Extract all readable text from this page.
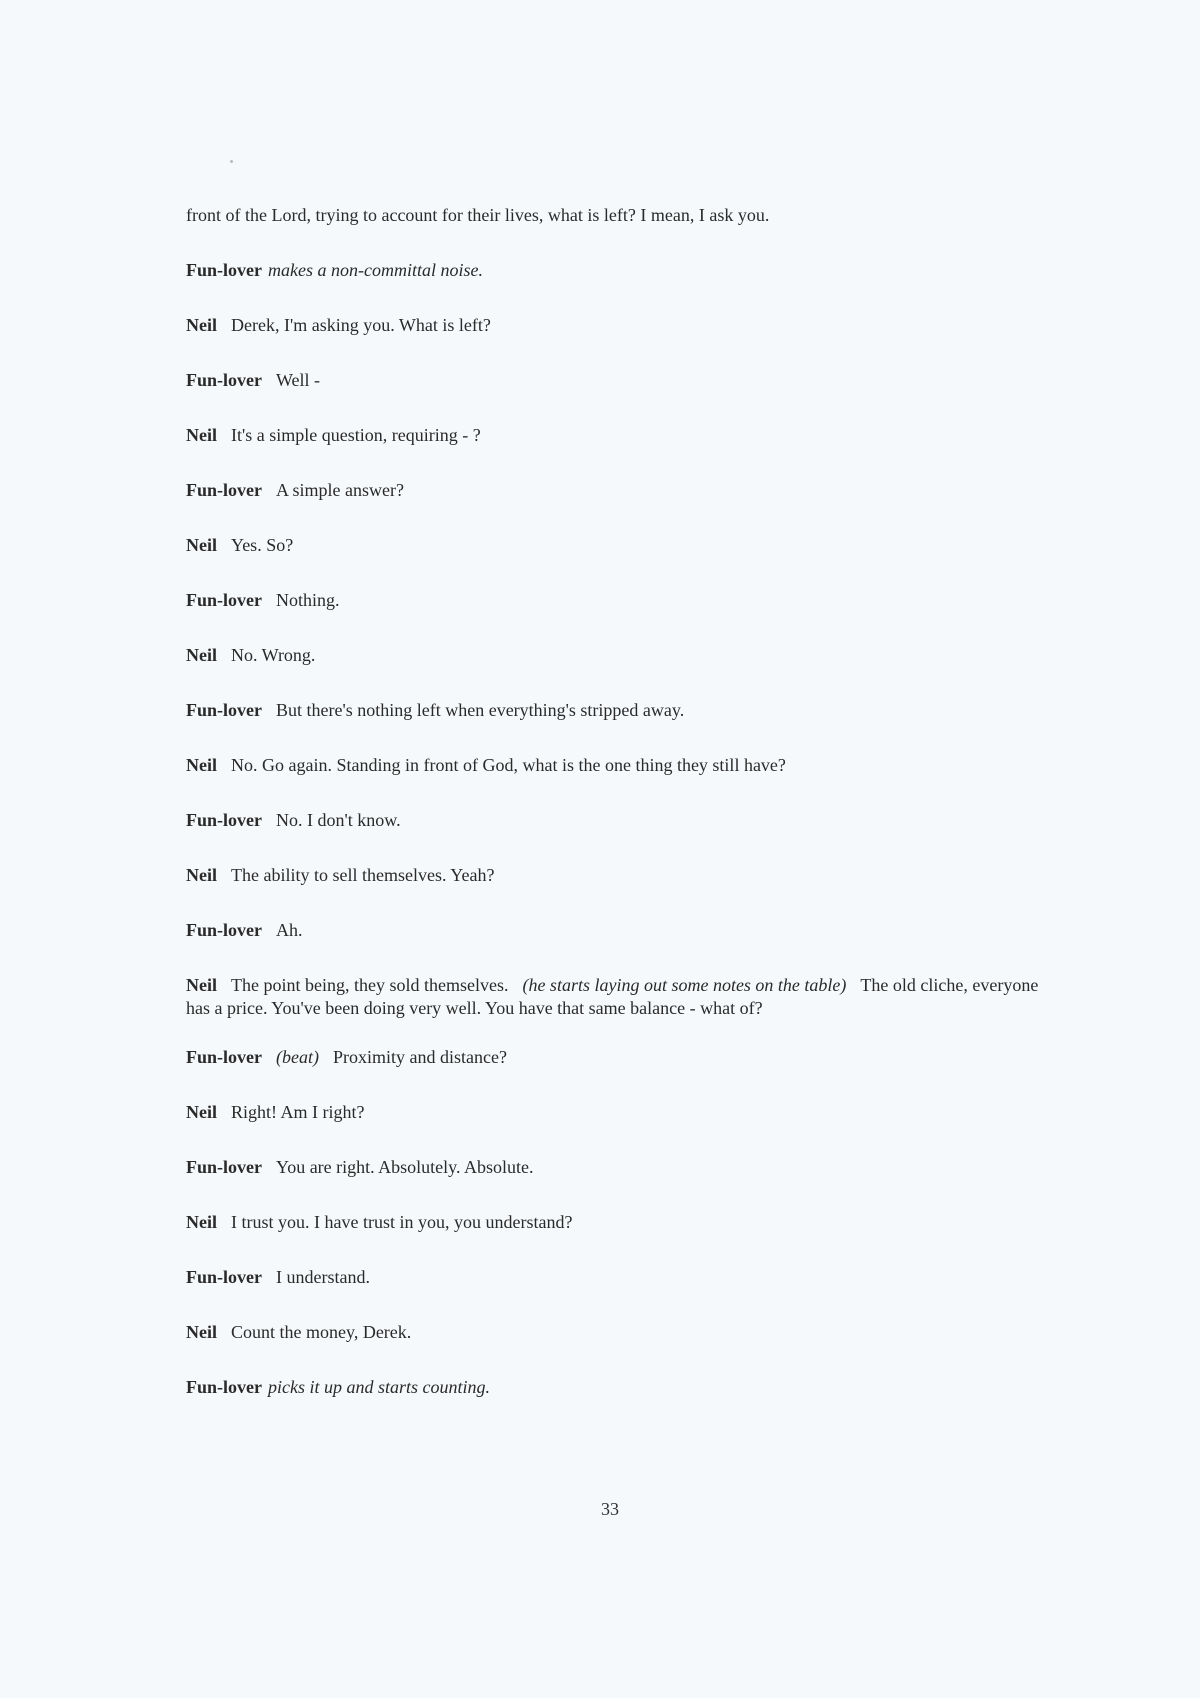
front of the Lord, trying to account for their lives, what is left? I mean, I ask you.

Fun-lover makes a non-committal noise.

Neil Derek, I'm asking you. What is left?

Fun-lover Well -

Neil It's a simple question, requiring - ?

Fun-lover A simple answer?

Neil Yes. So?

Fun-lover Nothing.

Neil No. Wrong.

Fun-lover But there's nothing left when everything's stripped away.

Neil No. Go again. Standing in front of God, what is the one thing they still have?

Fun-lover No. I don't know.

Neil The ability to sell themselves. Yeah?

Fun-lover Ah.

Neil The point being, they sold themselves. (he starts laying out some notes on the table) The old cliche, everyone has a price. You've been doing very well. You have that same balance - what of?

Fun-lover (beat) Proximity and distance?

Neil Right! Am I right?

Fun-lover You are right. Absolutely. Absolute.

Neil I trust you. I have trust in you, you understand?

Fun-lover I understand.

Neil Count the money, Derek.

Fun-lover picks it up and starts counting.

33
